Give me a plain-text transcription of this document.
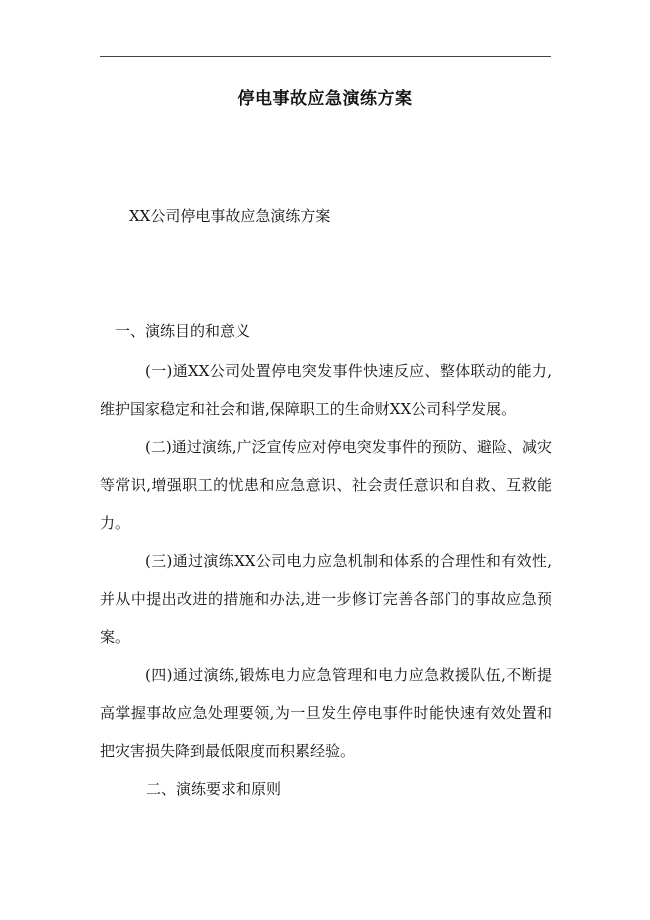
停电事故应急演练方案
XX公司停电事故应急演练方案
一、演练目的和意义

(一)通XX公司处置停电突发事件快速反应、整体联动的能力,维护国家稳定和社会和谐,保障职工的生命财XX公司科学发展。

(二)通过演练,广泛宣传应对停电突发事件的预防、避险、减灾等常识,增强职工的忧患和应急意识、社会责任意识和自救、互救能力。

(三)通过演练XX公司电力应急机制和体系的合理性和有效性,并从中提出改进的措施和办法,进一步修订完善各部门的事故应急预案。

(四)通过演练,锻炼电力应急管理和电力应急救援队伍,不断提高掌握事故应急处理要领,为一旦发生停电事件时能快速有效处置和把灾害损失降到最低限度而积累经验。

二、演练要求和原则
